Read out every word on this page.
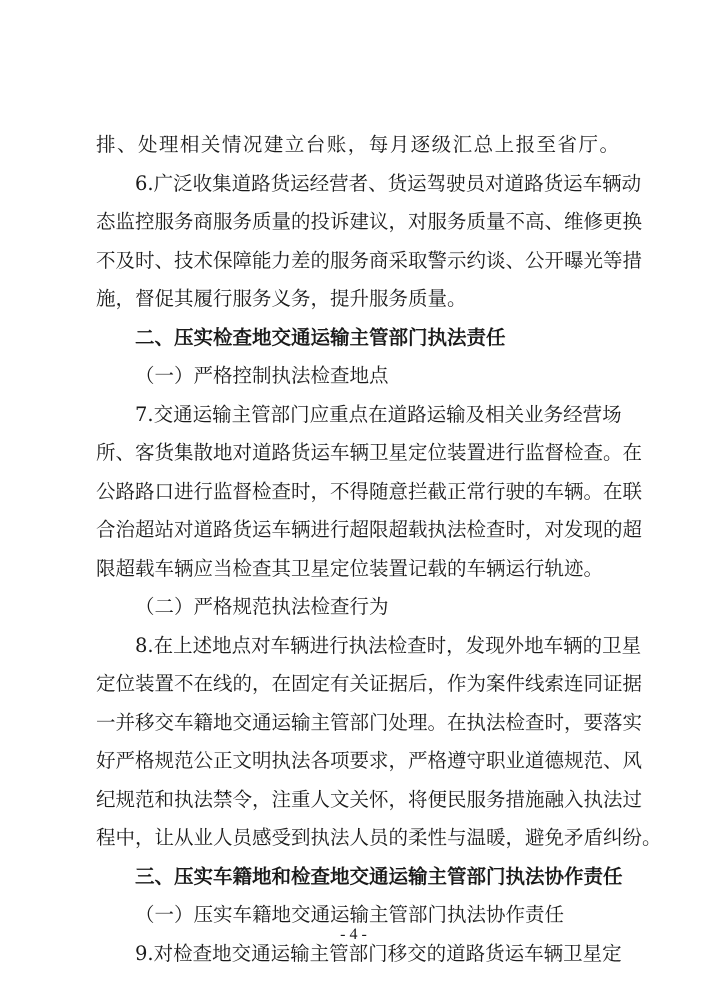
排、处理相关情况建立台账，每月逐级汇总上报至省厅。
6.广泛收集道路货运经营者、货运驾驶员对道路货运车辆动
态监控服务商服务质量的投诉建议，对服务质量不高、维修更换
不及时、技术保障能力差的服务商采取警示约谈、公开曝光等措
施，督促其履行服务义务，提升服务质量。
二、压实检查地交通运输主管部门执法责任
（一）严格控制执法检查地点
7.交通运输主管部门应重点在道路运输及相关业务经营场
所、客货集散地对道路货运车辆卫星定位装置进行监督检查。在
公路路口进行监督检查时，不得随意拦截正常行驶的车辆。在联
合治超站对道路货运车辆进行超限超载执法检查时，对发现的超
限超载车辆应当检查其卫星定位装置记载的车辆运行轨迹。
（二）严格规范执法检查行为
8.在上述地点对车辆进行执法检查时，发现外地车辆的卫星
定位装置不在线的，在固定有关证据后，作为案件线索连同证据
一并移交车籍地交通运输主管部门处理。在执法检查时，要落实
好严格规范公正文明执法各项要求，严格遵守职业道德规范、风
纪规范和执法禁令，注重人文关怀，将便民服务措施融入执法过
程中，让从业人员感受到执法人员的柔性与温暖，避免矛盾纠纷。
三、压实车籍地和检查地交通运输主管部门执法协作责任
（一）压实车籍地交通运输主管部门执法协作责任
9.对检查地交通运输主管部门移交的道路货运车辆卫星定
- 4 -
